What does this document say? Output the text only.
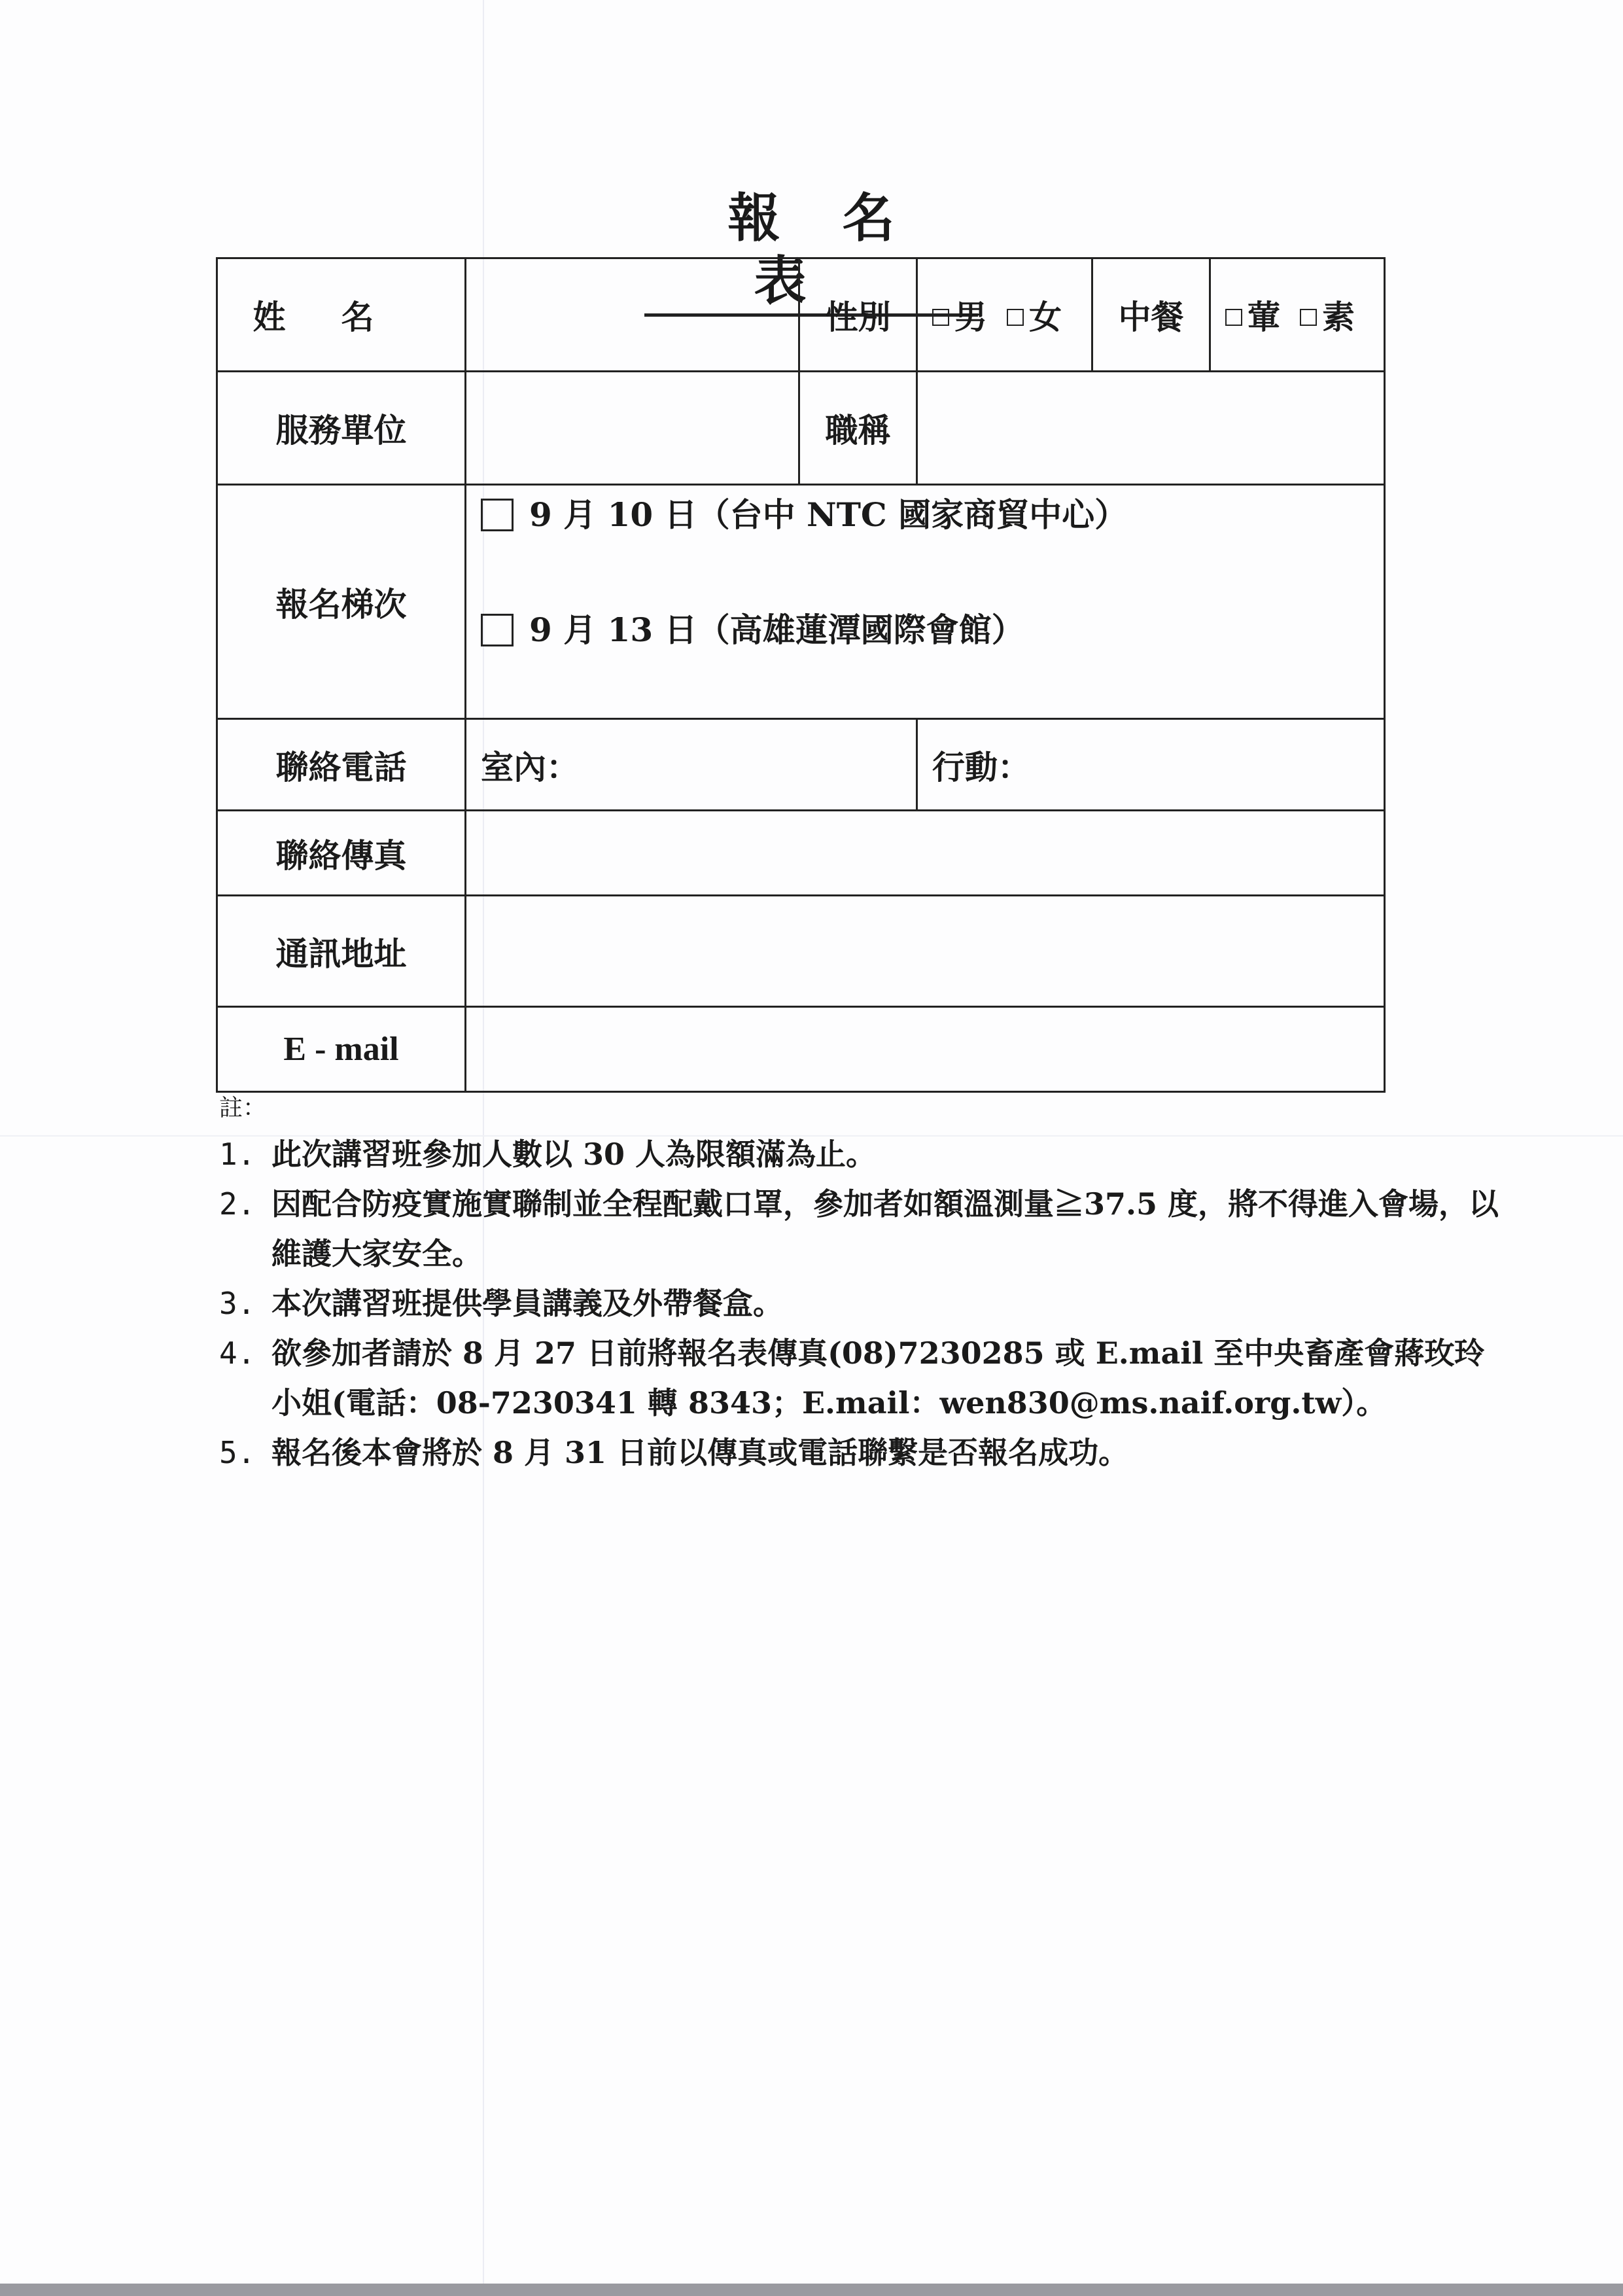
報名表
姓名		性別	男 女	中餐	葷 素
服務單位		職稱			
報名梯次	9 月 10 日（台中 NTC 國家商貿中心）
9 月 13 日（高雄蓮潭國際會館）				

聯絡電話	室內：		行動：		
聯絡傳真					
通訊地址					
E - mail					
註：
1. 此次講習班參加人數以 30 人為限額滿為止。
2. 因配合防疫實施實聯制並全程配戴口罩，參加者如額溫測量≧37.5 度，將不得進入會場，以維護大家安全。
3. 本次講習班提供學員講義及外帶餐盒。
4. 欲參加者請於 8 月 27 日前將報名表傳真(08)7230285 或 E.mail 至中央畜產會蔣玫玲 小姐(電話：08-7230341 轉 8343；E.mail：wen830@ms.naif.org.tw）。
5. 報名後本會將於 8 月 31 日前以傳真或電話聯繫是否報名成功。
